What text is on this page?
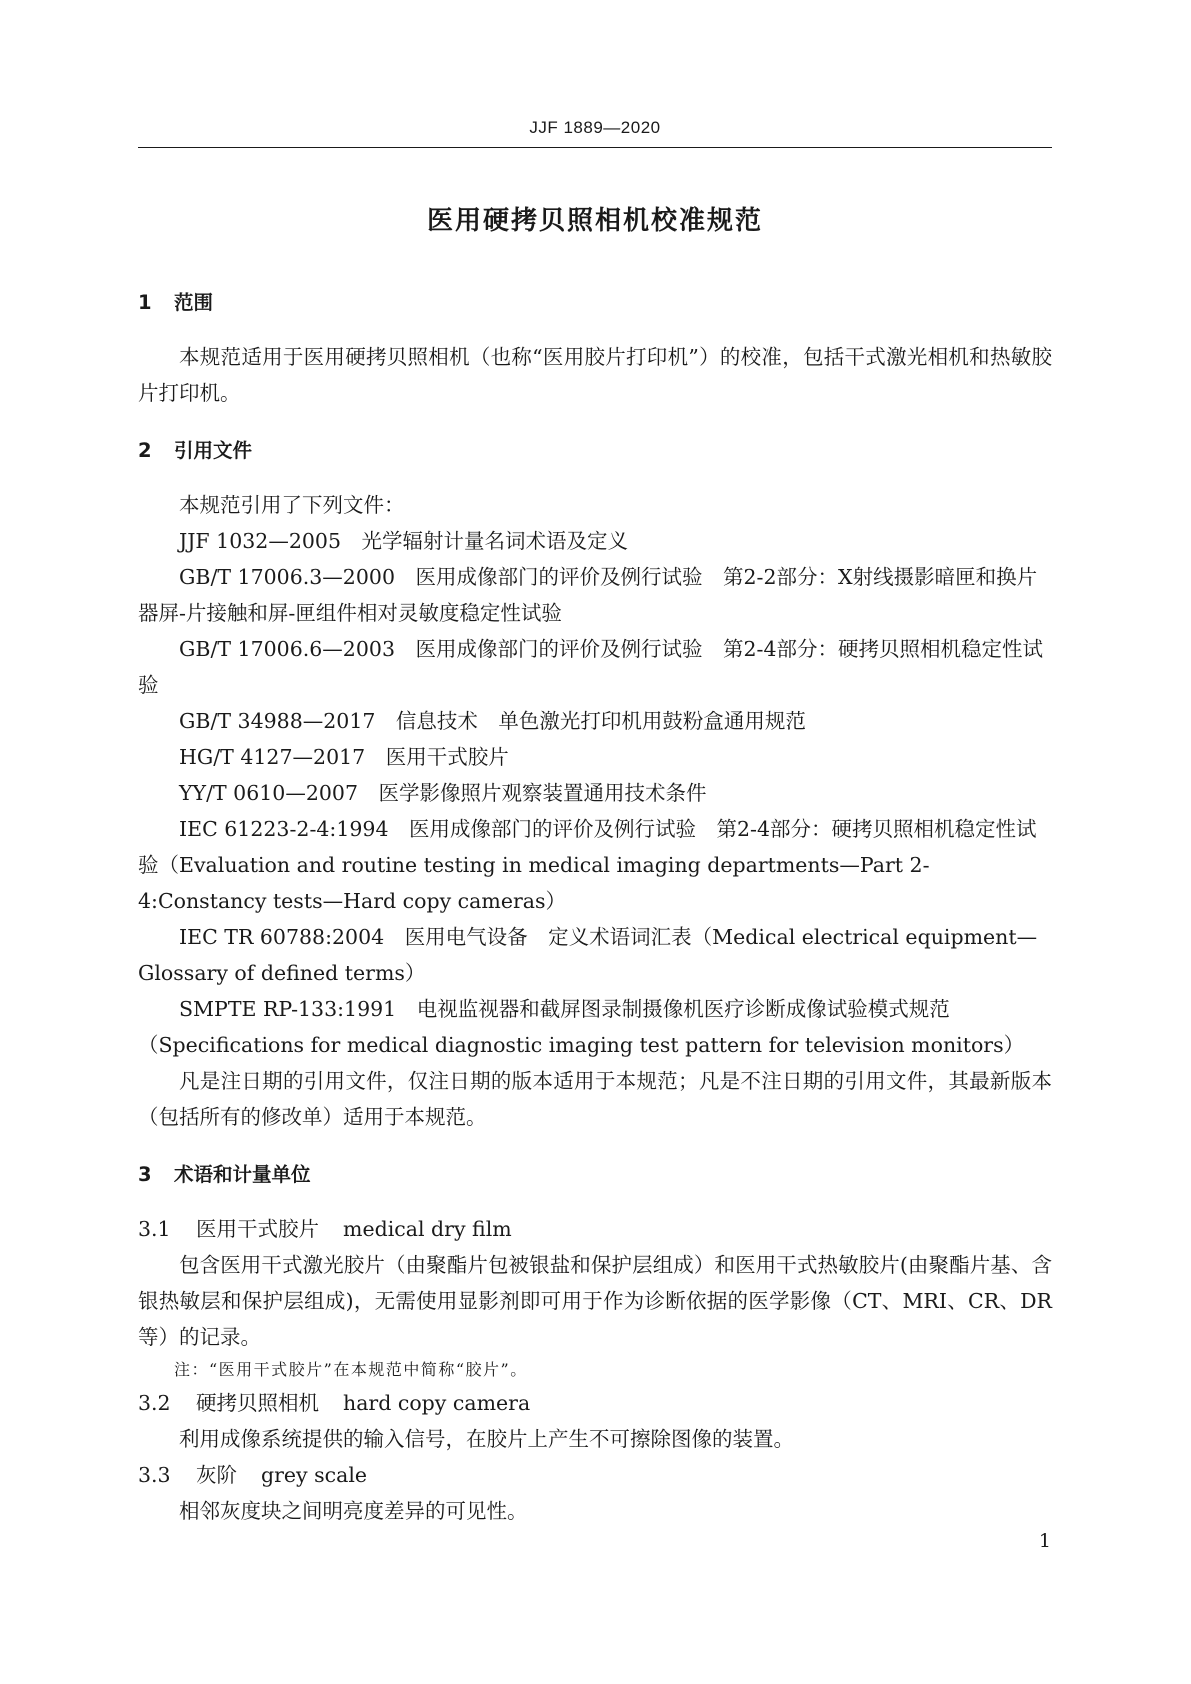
JJF 1889—2020
医用硬拷贝照相机校准规范
1 范围

本规范适用于医用硬拷贝照相机（也称“医用胶片打印机”）的校准，包括干式激光相机和热敏胶片打印机。

2 引用文件

本规范引用了下列文件：

JJF 1032—2005　 光学辐射计量名词术语及定义

GB/T 17006.3—2000　 医用成像部门的评价及例行试验　第2-2部分：X射线摄影暗匣和换片器屏-片接触和屏-匣组件相对灵敏度稳定性试验

GB/T 17006.6—2003　 医用成像部门的评价及例行试验　第2-4部分：硬拷贝照相机稳定性试验

GB/T 34988—2017　 信息技术　单色激光打印机用鼓粉盒通用规范

HG/T 4127—2017　 医用干式胶片

YY/T 0610—2007　 医学影像照片观察装置通用技术条件

IEC 61223-2-4:1994　 医用成像部门的评价及例行试验　第2-4部分：硬拷贝照相机稳定性试验（Evaluation and routine testing in medical imaging departments—Part 2-4:Constancy tests—Hard copy cameras）

IEC TR 60788:2004　 医用电气设备　定义术语词汇表（Medical electrical equipment—Glossary of defined terms）

SMPTE RP-133:1991　 电视监视器和截屏图录制摄像机医疗诊断成像试验模式规范（Specifications for medical diagnostic imaging test pattern for television monitors）

凡是注日期的引用文件，仅注日期的版本适用于本规范；凡是不注日期的引用文件，其最新版本（包括所有的修改单）适用于本规范。

3 术语和计量单位

3.1 医用干式胶片 medical dry film

包含医用干式激光胶片（由聚酯片包被银盐和保护层组成）和医用干式热敏胶片(由聚酯片基、含银热敏层和保护层组成)，无需使用显影剂即可用于作为诊断依据的医学影像（CT、MRI、CR、DR等）的记录。

注：“医用干式胶片”在本规范中简称“胶片”。

3.2 硬拷贝照相机 hard copy camera

利用成像系统提供的输入信号，在胶片上产生不可擦除图像的装置。

3.3 灰阶 grey scale

相邻灰度块之间明亮度差异的可见性。

1
